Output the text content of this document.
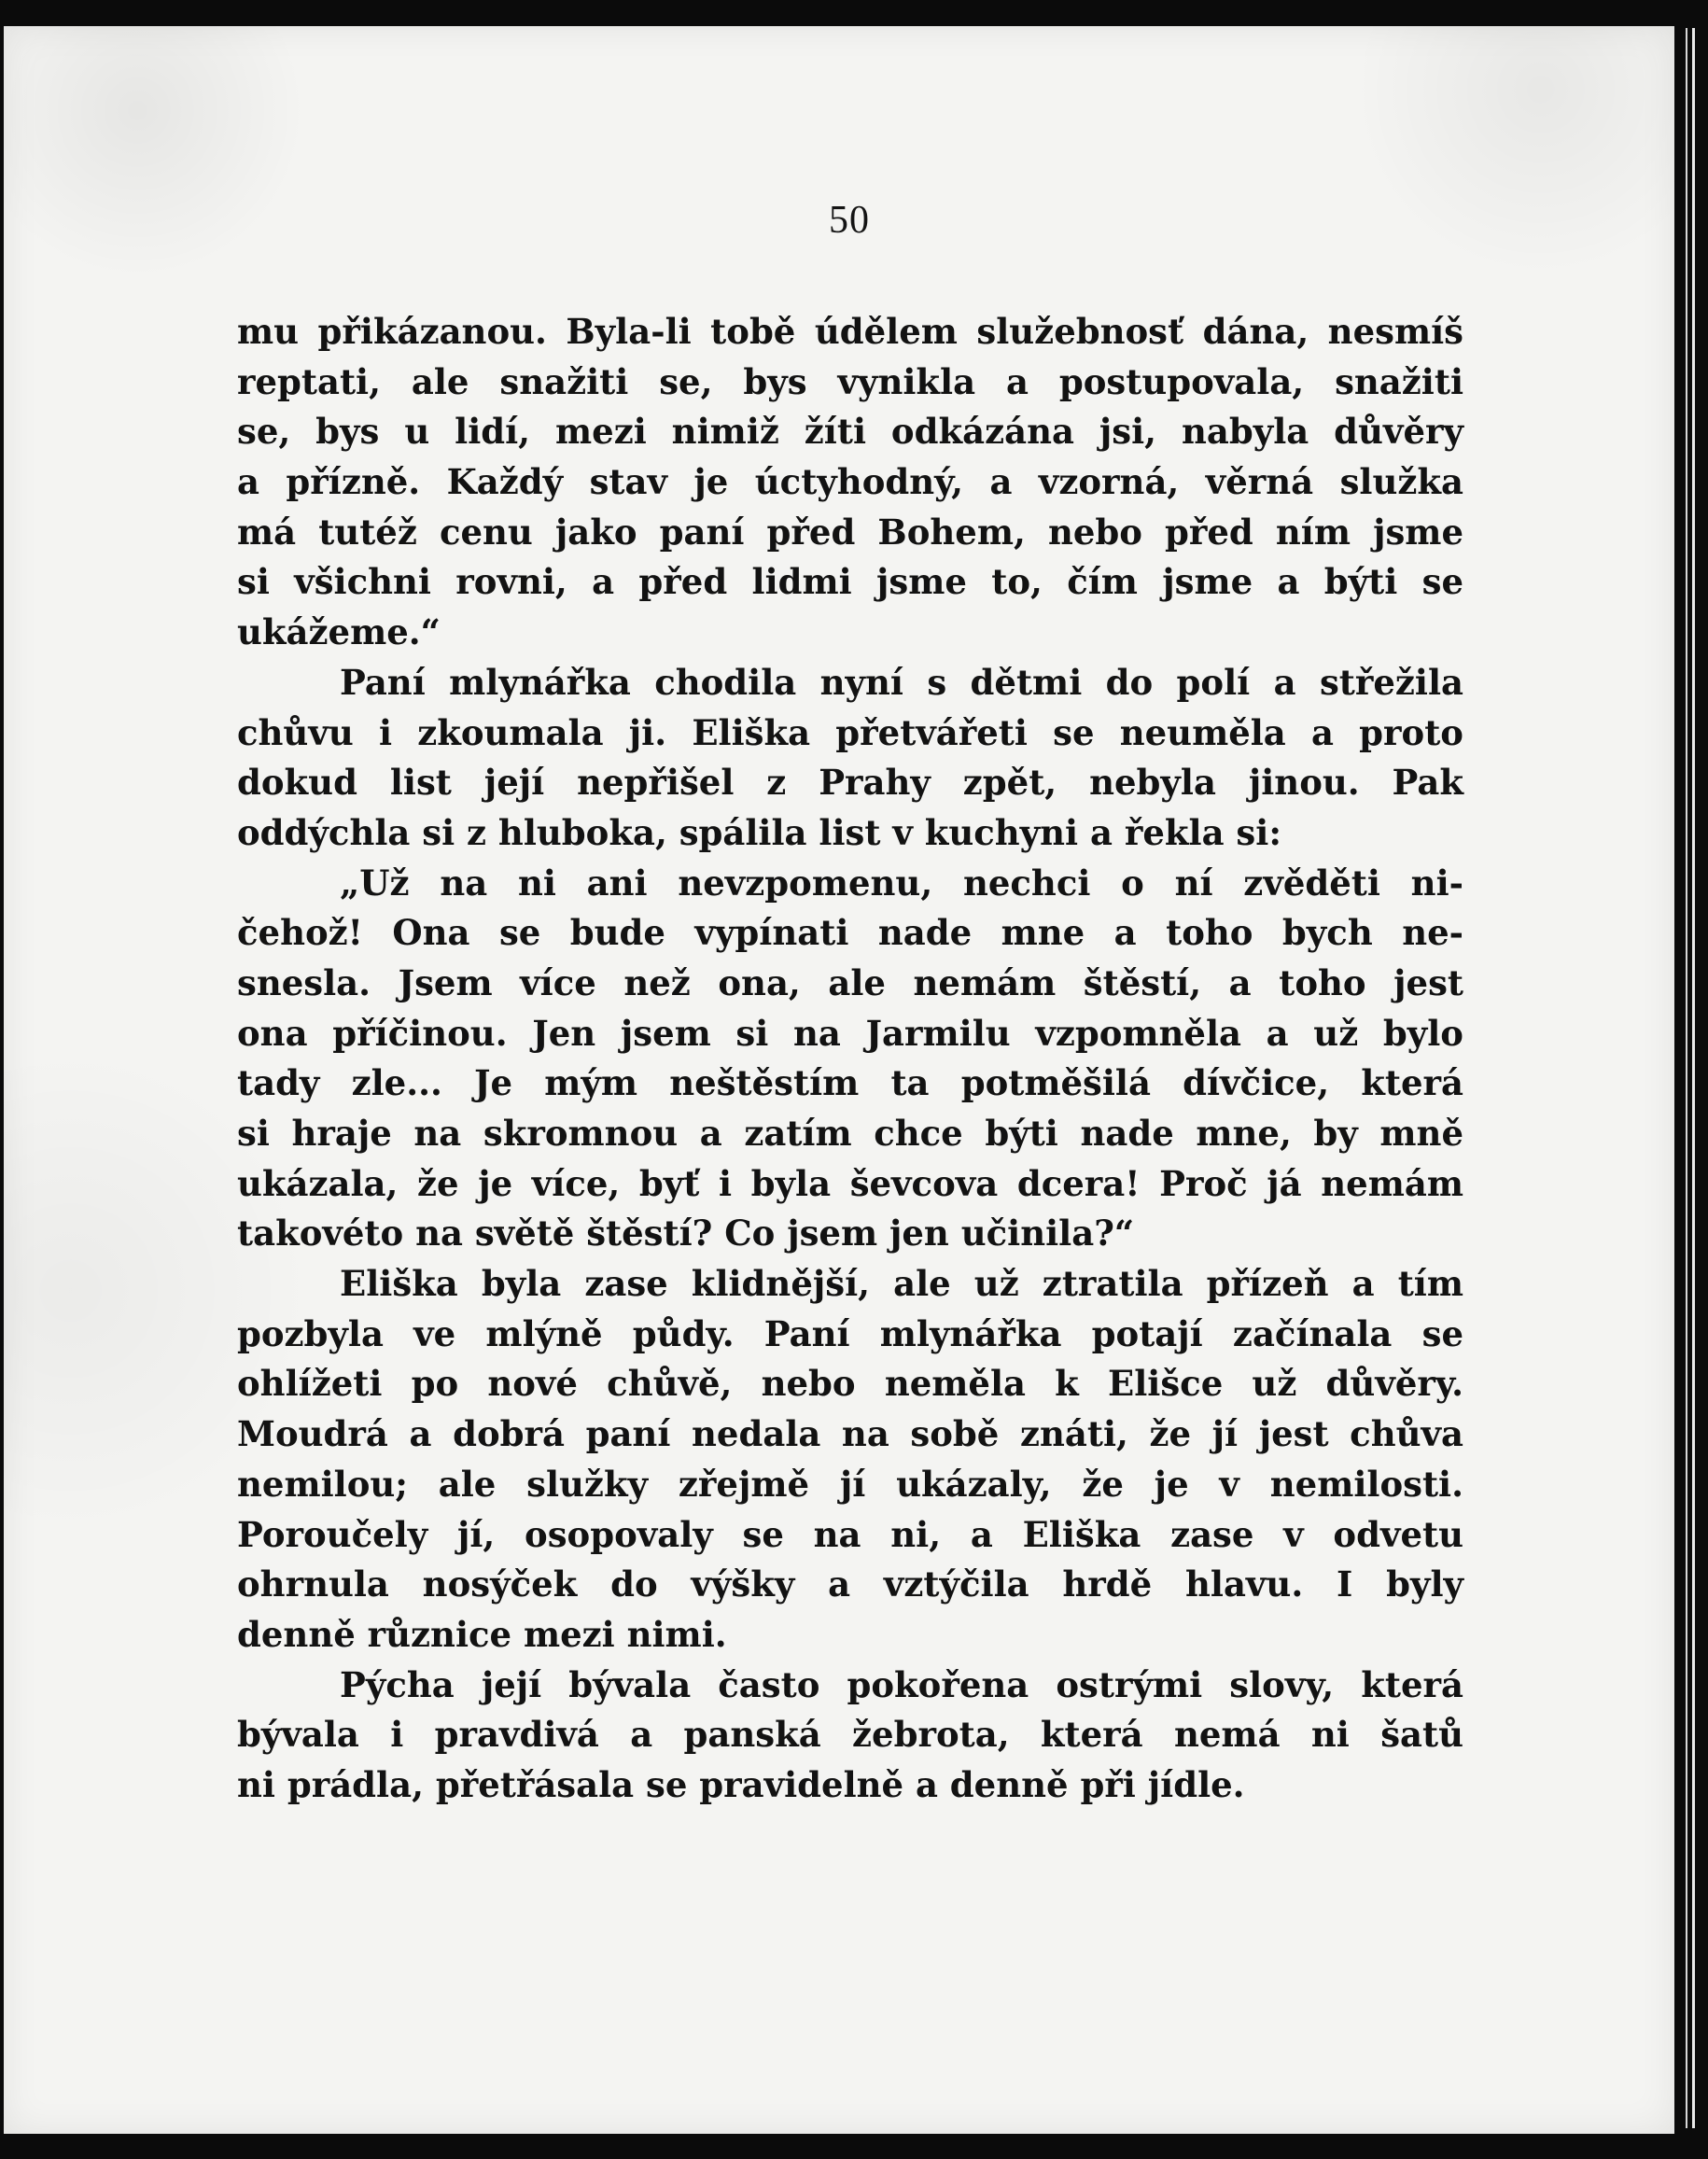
50
mu přikázanou. Byla-li tobě údělem služebnosť dána, nesmíš
reptati, ale snažiti se, bys vynikla a postupovala, snažiti
se, bys u lidí, mezi nimiž žíti odkázána jsi, nabyla důvěry
a přízně. Každý stav je úctyhodný, a vzorná, věrná služka
má tutéž cenu jako paní před Bohem, nebo před ním jsme
si všichni rovni, a před lidmi jsme to, čím jsme a býti se
ukážeme.“
Paní mlynářka chodila nyní s dětmi do polí a střežila
chůvu i zkoumala ji. Eliška přetvářeti se neuměla a proto
dokud list její nepřišel z Prahy zpět, nebyla jinou. Pak
oddýchla si z hluboka, spálila list v kuchyni a řekla si:
„Už na ni ani nevzpomenu, nechci o ní zvěděti ni-
čehož! Ona se bude vypínati nade mne a toho bych ne-
snesla. Jsem více než ona, ale nemám štěstí, a toho jest
ona příčinou. Jen jsem si na Jarmilu vzpomněla a už bylo
tady zle... Je mým neštěstím ta potměšilá dívčice, která
si hraje na skromnou a zatím chce býti nade mne, by mně
ukázala, že je více, byť i byla ševcova dcera! Proč já nemám
takovéto na světě štěstí? Co jsem jen učinila?“
Eliška byla zase klidnější, ale už ztratila přízeň a tím
pozbyla ve mlýně půdy. Paní mlynářka potají začínala se
ohlížeti po nové chůvě, nebo neměla k Elišce už důvěry.
Moudrá a dobrá paní nedala na sobě znáti, že jí jest chůva
nemilou; ale služky zřejmě jí ukázaly, že je v nemilosti.
Poroučely jí, osopovaly se na ni, a Eliška zase v odvetu
ohrnula nosýček do výšky a vztýčila hrdě hlavu. I byly
denně různice mezi nimi.
Pýcha její bývala často pokořena ostrými slovy, která
bývala i pravdivá a panská žebrota, která nemá ni šatů
ni prádla, přetřásala se pravidelně a denně při jídle.
